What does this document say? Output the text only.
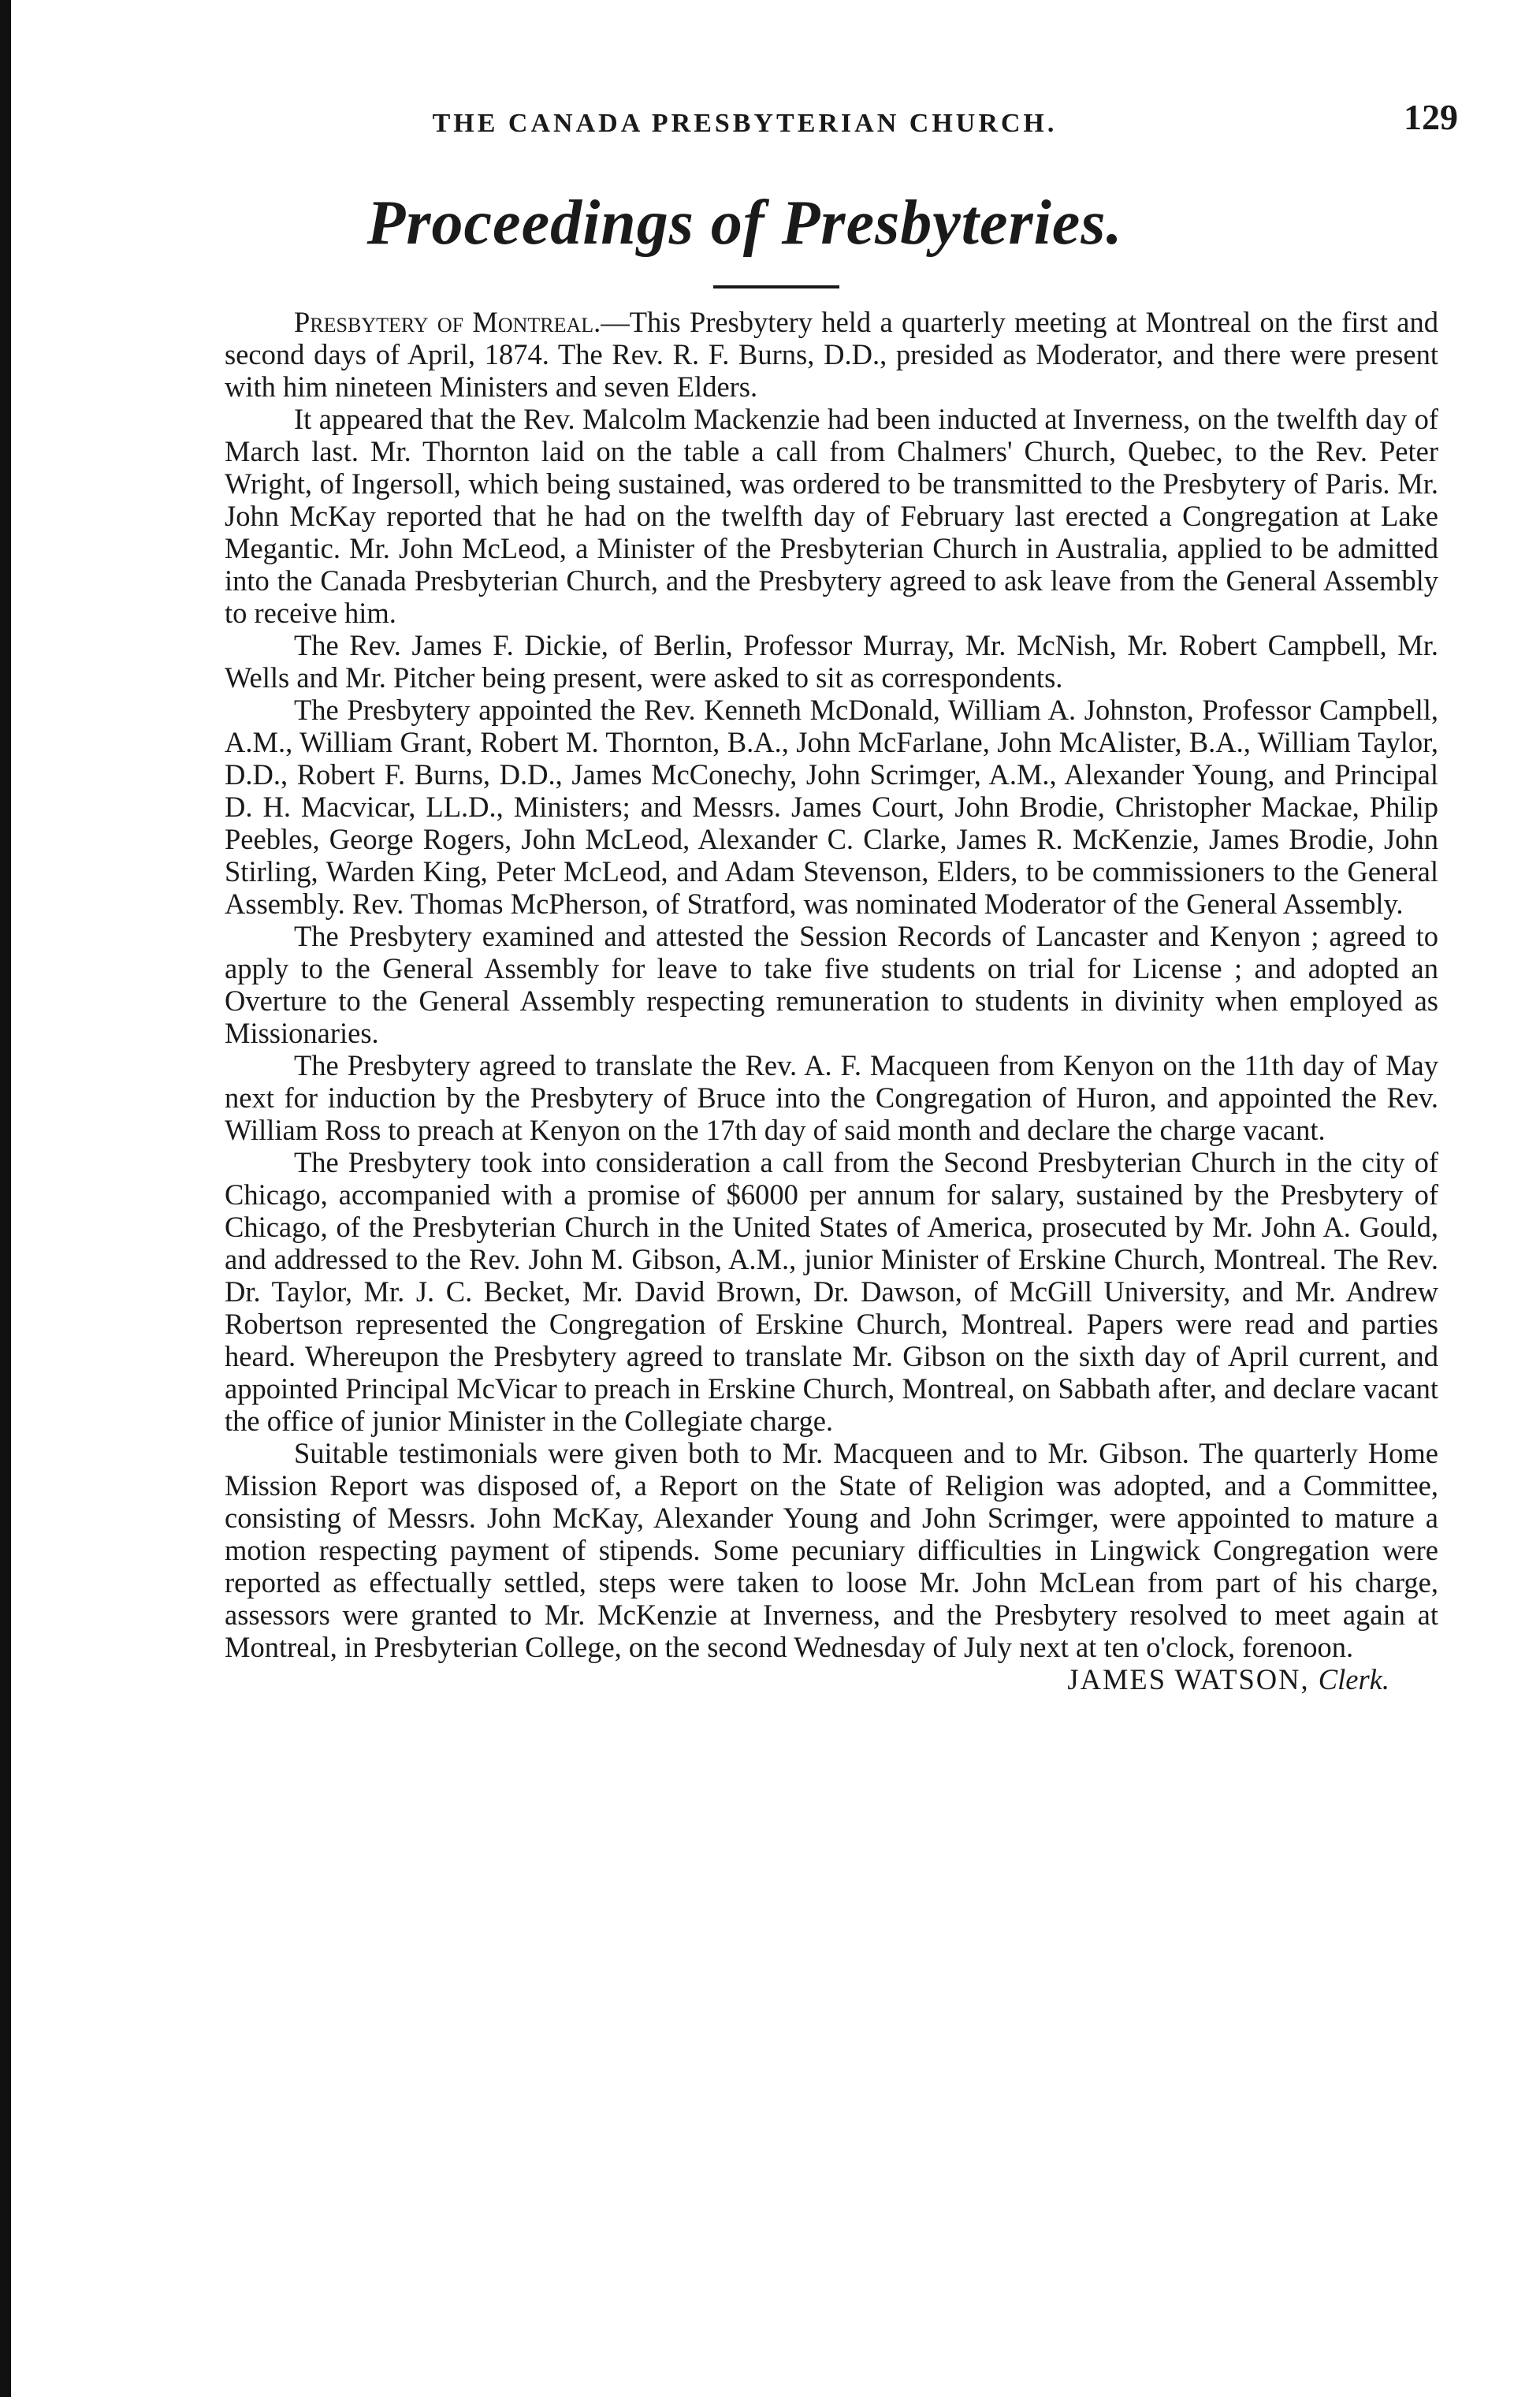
THE CANADA PRESBYTERIAN CHURCH.	129
Proceedings of Presbyteries.

Presbytery of Montreal.—This Presbytery held a quarterly meeting at Montreal on the first and second days of April, 1874. The Rev. R. F. Burns, D.D., presided as Moderator, and there were present with him nineteen Ministers and seven Elders.

It appeared that the Rev. Malcolm Mackenzie had been inducted at Inverness, on the twelfth day of March last. Mr. Thornton laid on the table a call from Chalmers' Church, Quebec, to the Rev. Peter Wright, of Ingersoll, which being sustained, was ordered to be transmitted to the Presbytery of Paris. Mr. John McKay reported that he had on the twelfth day of February last erected a Congregation at Lake Megantic. Mr. John McLeod, a Minister of the Presbyterian Church in Australia, applied to be admitted into the Canada Presbyterian Church, and the Presbytery agreed to ask leave from the General Assembly to receive him.

The Rev. James F. Dickie, of Berlin, Professor Murray, Mr. McNish, Mr. Robert Campbell, Mr. Wells and Mr. Pitcher being present, were asked to sit as correspondents.

The Presbytery appointed the Rev. Kenneth McDonald, William A. Johnston, Professor Campbell, A.M., William Grant, Robert M. Thornton, B.A., John McFarlane, John McAlister, B.A., William Taylor, D.D., Robert F. Burns, D.D., James McConechy, John Scrimger, A.M., Alexander Young, and Principal D. H. Macvicar, LL.D., Ministers; and Messrs. James Court, John Brodie, Christopher Mackae, Philip Peebles, George Rogers, John McLeod, Alexander C. Clarke, James R. McKenzie, James Brodie, John Stirling, Warden King, Peter McLeod, and Adam Stevenson, Elders, to be commissioners to the General Assembly. Rev. Thomas McPherson, of Stratford, was nominated Moderator of the General Assembly.

The Presbytery examined and attested the Session Records of Lancaster and Kenyon ; agreed to apply to the General Assembly for leave to take five students on trial for License ; and adopted an Overture to the General Assembly respecting remuneration to students in divinity when employed as Missionaries.

The Presbytery agreed to translate the Rev. A. F. Macqueen from Kenyon on the 11th day of May next for induction by the Presbytery of Bruce into the Congregation of Huron, and appointed the Rev. William Ross to preach at Kenyon on the 17th day of said month and declare the charge vacant.

The Presbytery took into consideration a call from the Second Presbyterian Church in the city of Chicago, accompanied with a promise of $6000 per annum for salary, sustained by the Presbytery of Chicago, of the Presbyterian Church in the United States of America, prosecuted by Mr. John A. Gould, and addressed to the Rev. John M. Gibson, A.M., junior Minister of Erskine Church, Montreal. The Rev. Dr. Taylor, Mr. J. C. Becket, Mr. David Brown, Dr. Dawson, of McGill University, and Mr. Andrew Robertson represented the Congregation of Erskine Church, Montreal. Papers were read and parties heard. Whereupon the Presbytery agreed to translate Mr. Gibson on the sixth day of April current, and appointed Principal McVicar to preach in Erskine Church, Montreal, on Sabbath after, and declare vacant the office of junior Minister in the Collegiate charge.

Suitable testimonials were given both to Mr. Macqueen and to Mr. Gibson. The quarterly Home Mission Report was disposed of, a Report on the State of Religion was adopted, and a Committee, consisting of Messrs. John McKay, Alexander Young and John Scrimger, were appointed to mature a motion respecting payment of stipends. Some pecuniary difficulties in Lingwick Congregation were reported as effectually settled, steps were taken to loose Mr. John McLean from part of his charge, assessors were granted to Mr. McKenzie at Inverness, and the Presbytery resolved to meet again at Montreal, in Presbyterian College, on the second Wednesday of July next at ten o'clock, forenoon.

JAMES WATSON, Clerk.
